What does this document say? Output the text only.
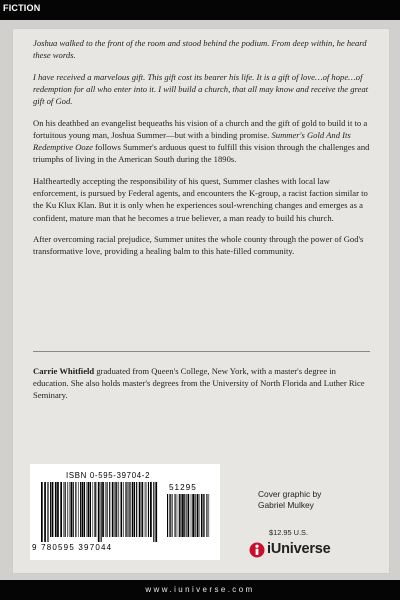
FICTION

Joshua walked to the front of the room and stood behind the podium. From deep within, he heard these words.

I have received a marvelous gift. This gift cost its bearer his life. It is a gift of love…of hope…of redemption for all who enter into it. I will build a church, that all may know and receive the great gift of God.

On his deathbed an evangelist bequeaths his vision of a church and the gift of gold to build it to a fortuitous young man, Joshua Summer—but with a binding promise. Summer's Gold And Its Redemptive Ooze follows Summer's arduous quest to fulfill this vision through the challenges and triumphs of living in the American South during the 1890s.

Halfheartedly accepting the responsibility of his quest, Summer clashes with local law enforcement, is pursued by Federal agents, and encounters the K-group, a racist faction similar to the Ku Klux Klan. But it is only when he experiences soul-wrenching changes and emerges as a confident, mature man that he becomes a true believer, a man ready to build his church.

After overcoming racial prejudice, Summer unites the whole county through the power of God's transformative love, providing a healing balm to this hate-filled community.

Carrie Whitfield graduated from Queen's College, New York, with a master's degree in education. She also holds master's degrees from the University of North Florida and Luther Rice Seminary.
ISBN 0-595-39704-2
51295
9 780595 397044
Cover graphic by
Gabriel Mulkey
$12.95 U.S.
iUniverse
www.iuniverse.com
